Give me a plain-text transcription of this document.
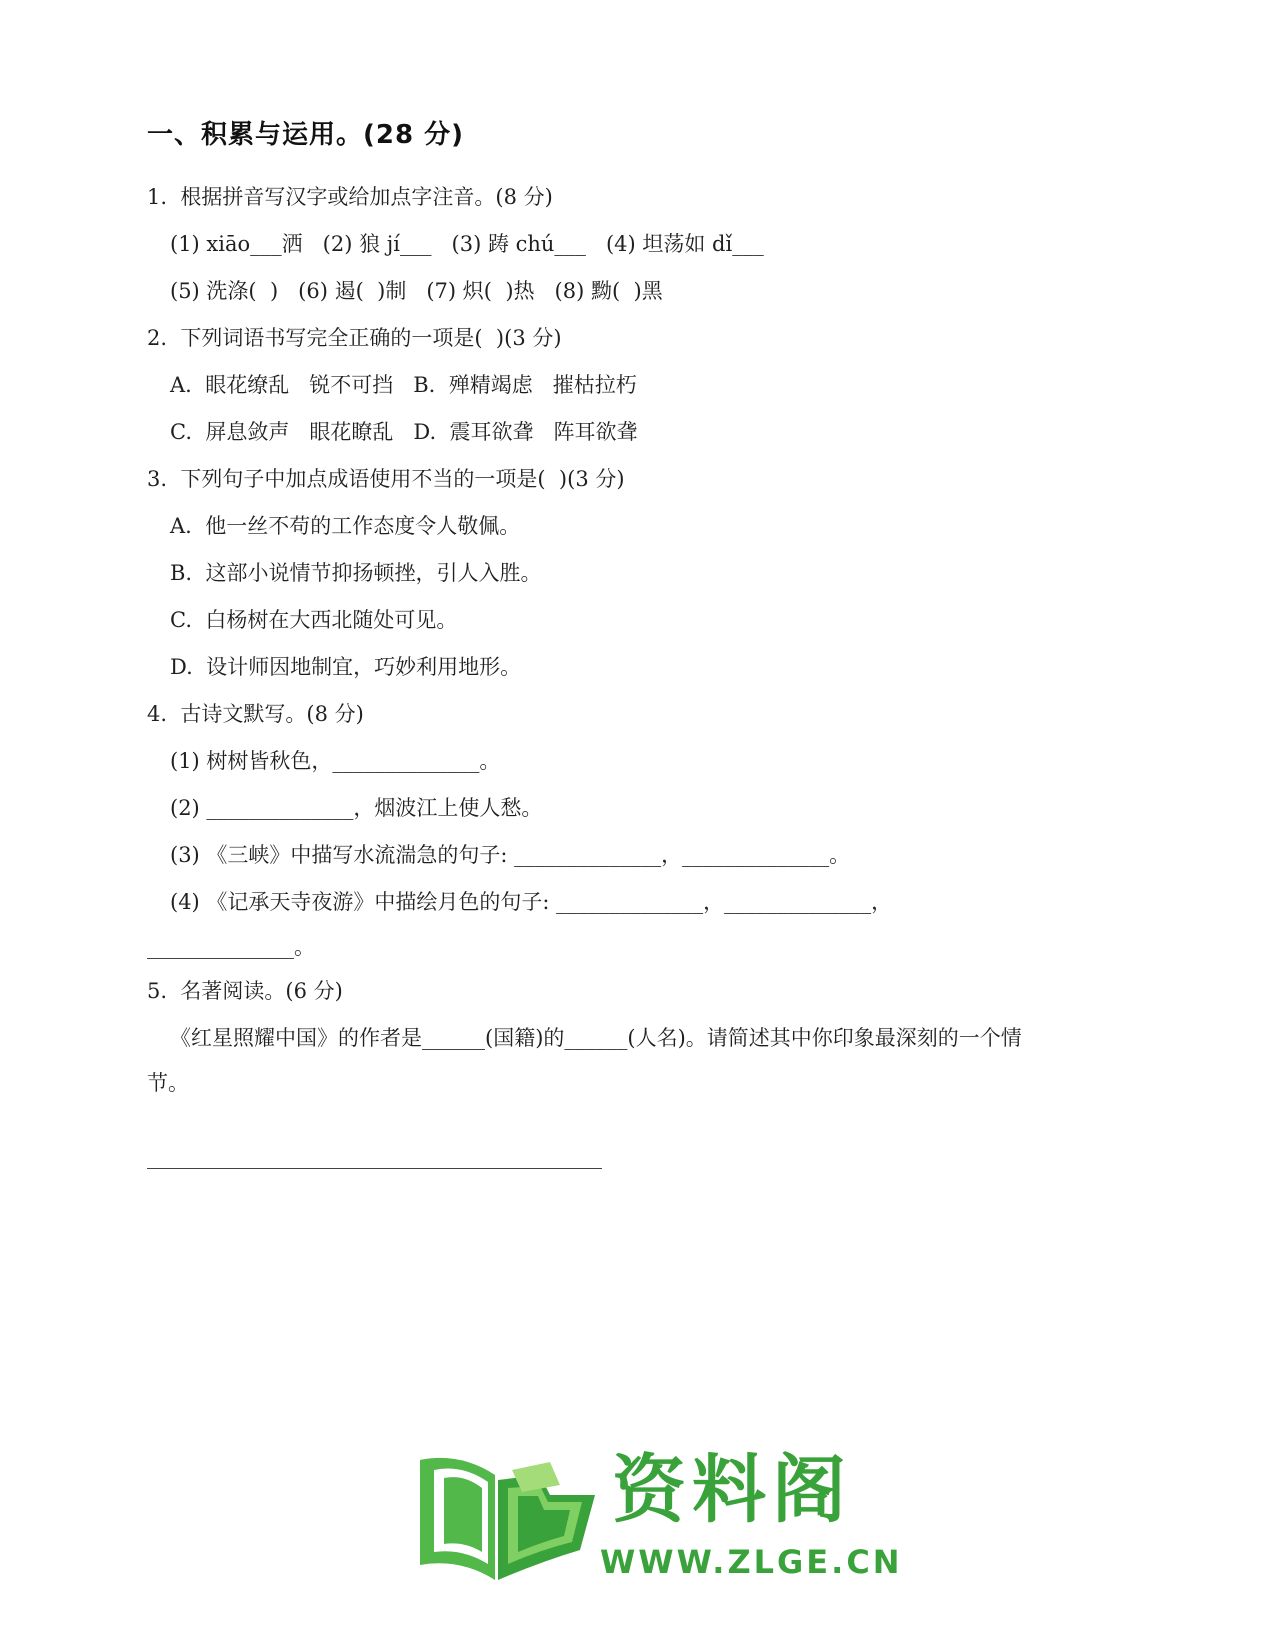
一、积累与运用。(28 分)
1.  根据拼音写汉字或给加点字注音。(8 分)
(1) xiāo___洒   (2) 狼 jí___   (3) 踌 chú___   (4) 坦荡如 dǐ___
(5) 洗涤(  )   (6) 遏(  )制   (7) 炽(  )热   (8) 黝(  )黑
2.  下列词语书写完全正确的一项是(  )(3 分)
A.  眼花缭乱   锐不可挡   B.  殚精竭虑   摧枯拉朽
C.  屏息敛声   眼花瞭乱   D.  震耳欲聋   阵耳欲聋
3.  下列句子中加点成语使用不当的一项是(  )(3 分)
A.  他一丝不苟的工作态度令人敬佩。
B.  这部小说情节抑扬顿挫，引人入胜。
C.  白杨树在大西北随处可见。
D.  设计师因地制宜，巧妙利用地形。
4.  古诗文默写。(8 分)
(1) 树树皆秋色，______________。
(2) ______________，烟波江上使人愁。
(3) 《三峡》中描写水流湍急的句子: ______________，______________。
(4) 《记承天寺夜游》中描绘月色的句子: ______________，______________，
______________。
5.  名著阅读。(6 分)
《红星照耀中国》的作者是______(国籍)的______(人名)。请简述其中你印象最深刻的一个情
节。
资料阁
WWW.ZLGE.CN
